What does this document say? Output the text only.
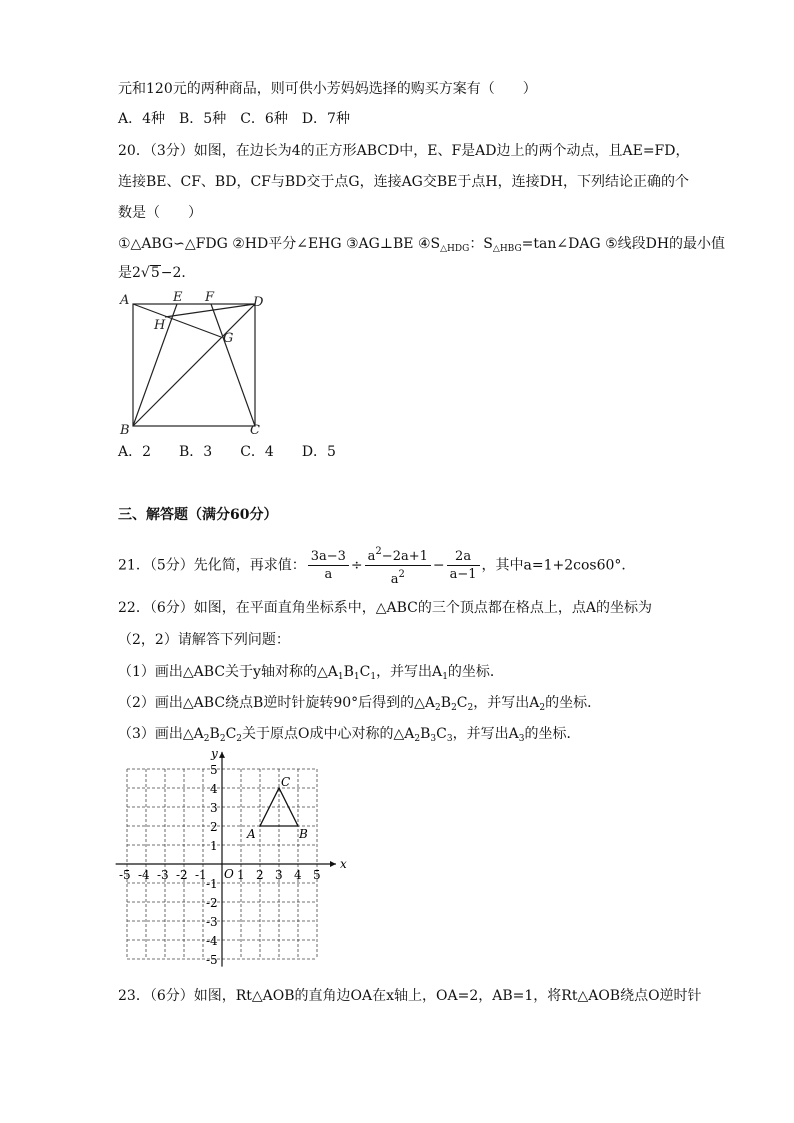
元和120元的两种商品，则可供小芳妈妈选择的购买方案有（　　）
A．4种　B．5种　C．6种　D．7种
20．（3分）如图，在边长为4的正方形ABCD中，E、F是AD边上的两个动点，且AE=FD，
连接BE、CF、BD，CF与BD交于点G，连接AG交BE于点H，连接DH，下列结论正确的个
数是（　　）
①△ABG∽△FDG ②HD平分∠EHG ③AG⊥BE $④S_{\triangle HDG}$：$S_{\triangle HBG}=\tan\angle DAG$ ⑤线段DH的最小值
是2√5−2．
A	E F	D
H
G
B	C
A．2　　B．3　　C．4　　D．5
三、解答题（满分60分）
21．（5分）先化简，再求值： $\frac{3a-3}{a} \div \frac{a^2-2a+1}{a^2} - \frac{2a}{a-1}$ ，其中a=1+2cos60°．
22．（6分）如图，在平面直角坐标系中，△ABC的三个顶点都在格点上，点A的坐标为
（2，2）请解答下列问题：
（1）画出△ABC关于y轴对称的$\triangle A_1B_1C_1$，并写出$A_1$的坐标．
（2）画出△ABC绕点B逆时针旋转90°后得到的$\triangle A_2B_2C_2$，并写出$A_2$的坐标．
（3）画出$\triangle A_2B_2C_2$关于原点O成中心对称的$\triangle A_2B_3C_3$，并写出$A_3$的坐标．
x
y
O
-5 -4 -3 -2 -1	1 2 3 4 5
5
4
3
2
1
-1
-2
-3
-4
-5
A	B
C
23．（6分）如图，Rt△AOB的直角边OA在x轴上，OA=2，AB=1，将Rt△AOB绕点O逆时针
